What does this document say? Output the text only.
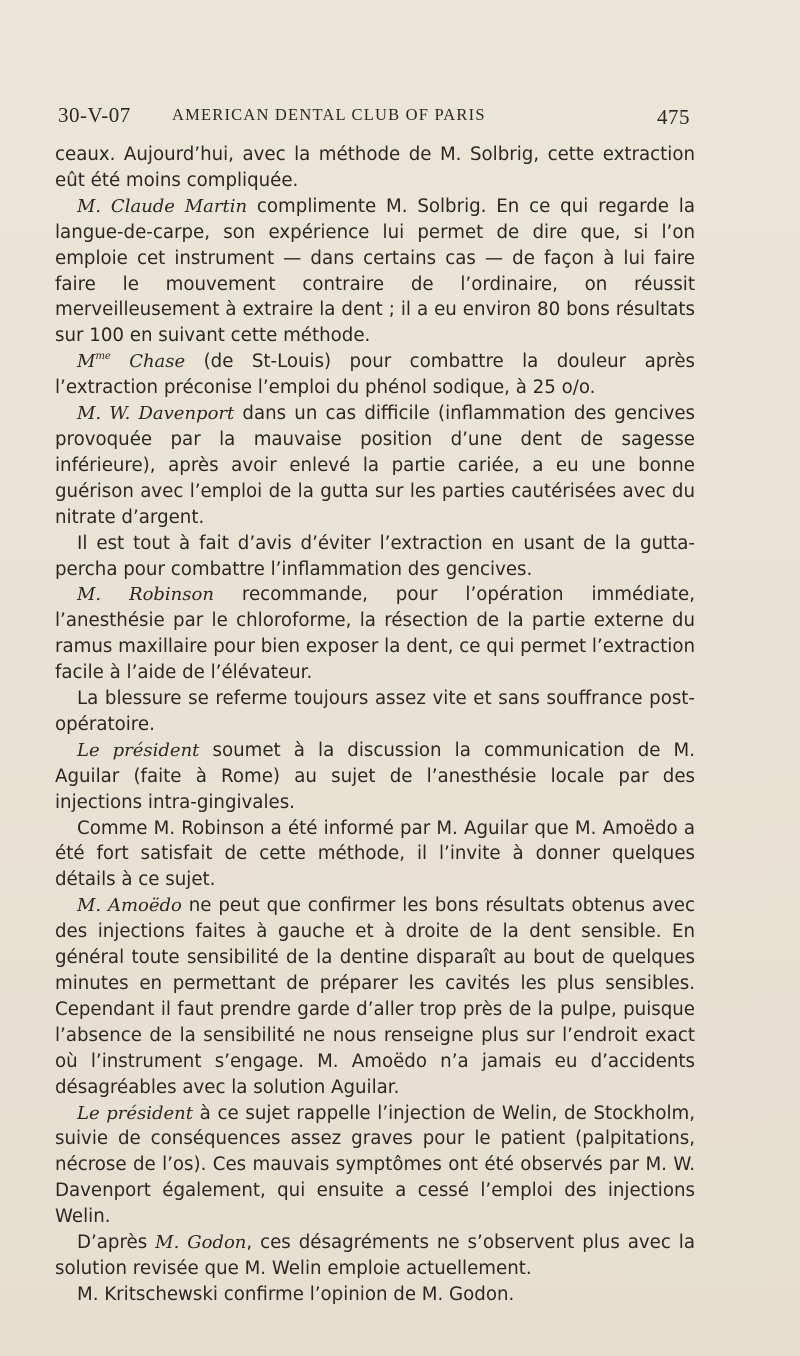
30-V-07	AMERICAN DENTAL CLUB OF PARIS	475

ceaux. Aujourd’hui, avec la méthode de M. Solbrig, cette extraction eût été moins compliquée.

M. Claude Martin complimente M. Solbrig. En ce qui regarde la langue-de-carpe, son expérience lui permet de dire que, si l’on emploie cet instrument — dans certains cas — de façon à lui faire faire le mouvement contraire de l’ordinaire, on réussit merveilleusement à extraire la dent ; il a eu environ 80 bons résultats sur 100 en suivant cette méthode.

$M^{me}$ Chase (de St-Louis) pour combattre la douleur après l’extraction préconise l’emploi du phénol sodique, à 25 o/o.

M. W. Davenport dans un cas difficile (inflammation des gencives provoquée par la mauvaise position d’une dent de sagesse inférieure), après avoir enlevé la partie cariée, a eu une bonne guérison avec l’emploi de la gutta sur les parties cautérisées avec du nitrate d’argent.

Il est tout à fait d’avis d’éviter l’extraction en usant de la gutta-percha pour combattre l’inflammation des gencives.

M. Robinson recommande, pour l’opération immédiate, l’anesthésie par le chloroforme, la résection de la partie externe du ramus maxillaire pour bien exposer la dent, ce qui permet l’extraction facile à l’aide de l’élévateur.

La blessure se referme toujours assez vite et sans souffrance post-opératoire.

Le président soumet à la discussion la communication de M. Aguilar (faite à Rome) au sujet de l’anesthésie locale par des injections intra-gingivales.

Comme M. Robinson a été informé par M. Aguilar que M. Amoëdo a été fort satisfait de cette méthode, il l’invite à donner quelques détails à ce sujet.

M. Amoëdo ne peut que confirmer les bons résultats obtenus avec des injections faites à gauche et à droite de la dent sensible. En général toute sensibilité de la dentine disparaît au bout de quelques minutes en permettant de préparer les cavités les plus sensibles. Cependant il faut prendre garde d’aller trop près de la pulpe, puisque l’absence de la sensibilité ne nous renseigne plus sur l’endroit exact où l’instrument s’engage. M. Amoëdo n’a jamais eu d’accidents désagréables avec la solution Aguilar.

Le président à ce sujet rappelle l’injection de Welin, de Stockholm, suivie de conséquences assez graves pour le patient (palpitations, nécrose de l’os). Ces mauvais symptômes ont été observés par M. W. Davenport également, qui ensuite a cessé l’emploi des injections Welin.

D’après M. Godon, ces désagréments ne s’observent plus avec la solution revisée que M. Welin emploie actuellement.

M. Kritschewski confirme l’opinion de M. Godon.
